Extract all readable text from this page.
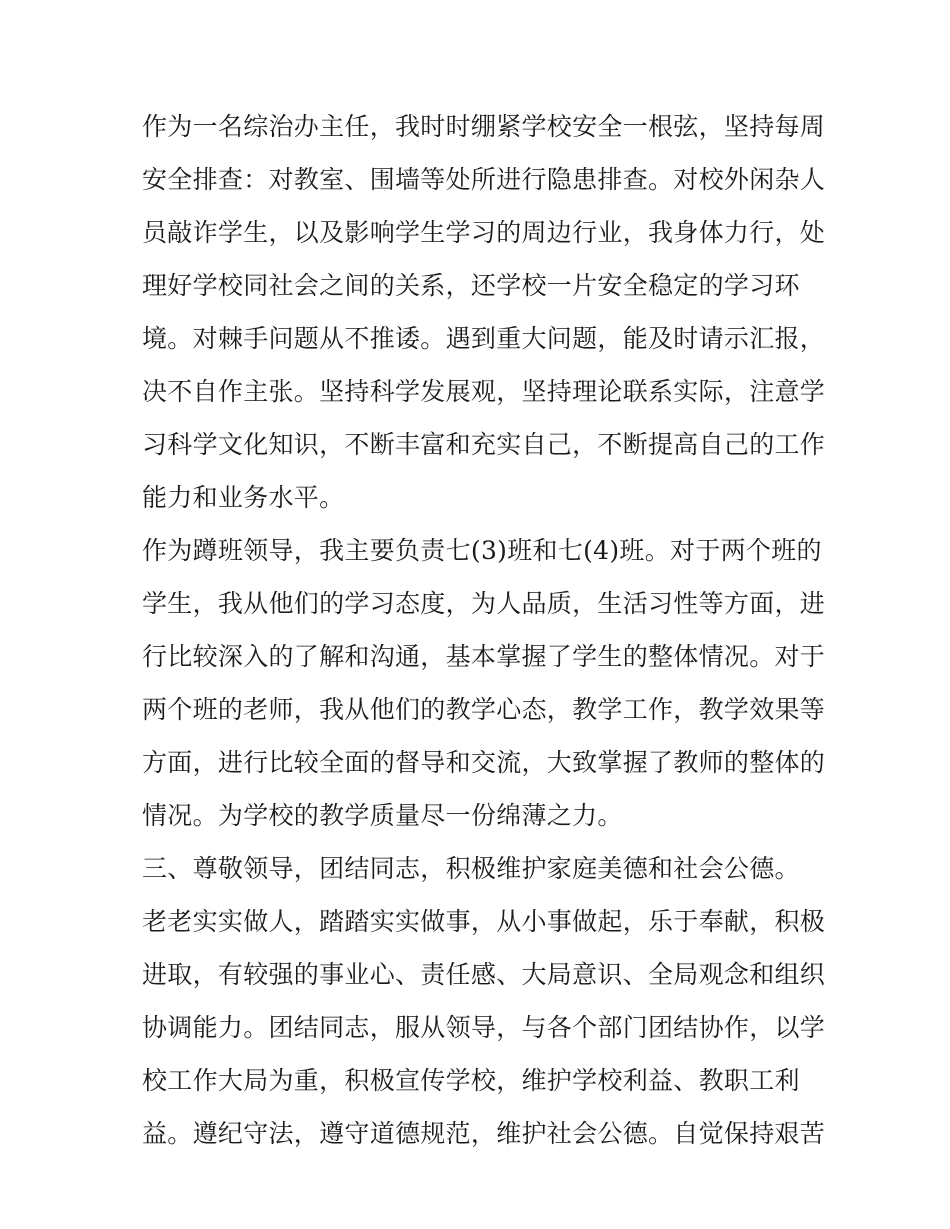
作为一名综治办主任，我时时绷紧学校安全一根弦，坚持每周
安全排查：对教室、围墙等处所进行隐患排查。对校外闲杂人
员敲诈学生，以及影响学生学习的周边行业，我身体力行，处
理好学校同社会之间的关系，还学校一片安全稳定的学习环
境。对棘手问题从不推诿。遇到重大问题，能及时请示汇报，
决不自作主张。坚持科学发展观，坚持理论联系实际，注意学
习科学文化知识，不断丰富和充实自己，不断提高自己的工作
能力和业务水平。
作为蹲班领导，我主要负责七(3)班和七(4)班。对于两个班的
学生，我从他们的学习态度，为人品质，生活习性等方面，进
行比较深入的了解和沟通，基本掌握了学生的整体情况。对于
两个班的老师，我从他们的教学心态，教学工作，教学效果等
方面，进行比较全面的督导和交流，大致掌握了教师的整体的
情况。为学校的教学质量尽一份绵薄之力。
三、尊敬领导，团结同志，积极维护家庭美德和社会公德。
老老实实做人，踏踏实实做事，从小事做起，乐于奉献，积极
进取，有较强的事业心、责任感、大局意识、全局观念和组织
协调能力。团结同志，服从领导，与各个部门团结协作，以学
校工作大局为重，积极宣传学校，维护学校利益、教职工利
益。遵纪守法，遵守道德规范，维护社会公德。自觉保持艰苦
